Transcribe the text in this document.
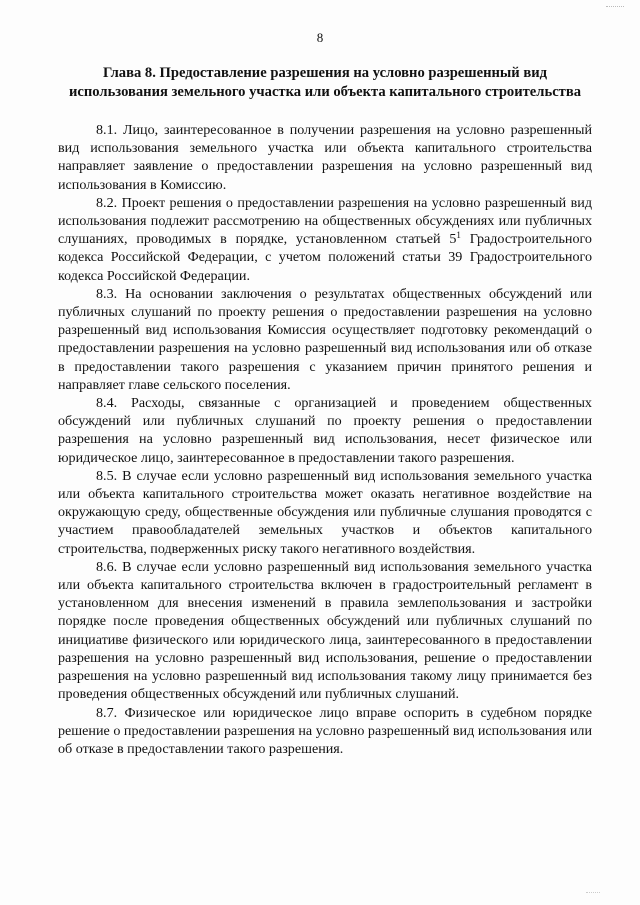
8
Глава 8. Предоставление разрешения на условно разрешенный вид использования земельного участка или объекта капитального строительства

8.1. Лицо, заинтересованное в получении разрешения на условно разрешенный вид использования земельного участка или объекта капитального строительства направляет заявление о предоставлении разрешения на условно разрешенный вид использования в Комиссию.

8.2. Проект решения о предоставлении разрешения на условно разрешенный вид использования подлежит рассмотрению на общественных обсуждениях или публичных слушаниях, проводимых в порядке, установленном статьей $5^1$ Градостроительного кодекса Российской Федерации, с учетом положений статьи 39 Градостроительного кодекса Российской Федерации.

8.3. На основании заключения о результатах общественных обсуждений или публичных слушаний по проекту решения о предоставлении разрешения на условно разрешенный вид использования Комиссия осуществляет подготовку рекомендаций о предоставлении разрешения на условно разрешенный вид использования или об отказе в предоставлении такого разрешения с указанием причин принятого решения и направляет главе сельского поселения.

8.4. Расходы, связанные с организацией и проведением общественных обсуждений или публичных слушаний по проекту решения о предоставлении разрешения на условно разрешенный вид использования, несет физическое или юридическое лицо, заинтересованное в предоставлении такого разрешения.

8.5. В случае если условно разрешенный вид использования земельного участка или объекта капитального строительства может оказать негативное воздействие на окружающую среду, общественные обсуждения или публичные слушания проводятся с участием правообладателей земельных участков и объектов капитального строительства, подверженных риску такого негативного воздействия.

8.6. В случае если условно разрешенный вид использования земельного участка или объекта капитального строительства включен в градостроительный регламент в установленном для внесения изменений в правила землепользования и застройки порядке после проведения общественных обсуждений или публичных слушаний по инициативе физического или юридического лица, заинтересованного в предоставлении разрешения на условно разрешенный вид использования, решение о предоставлении разрешения на условно разрешенный вид использования такому лицу принимается без проведения общественных обсуждений или публичных слушаний.

8.7. Физическое или юридическое лицо вправе оспорить в судебном порядке решение о предоставлении разрешения на условно разрешенный вид использования или об отказе в предоставлении такого разрешения.
